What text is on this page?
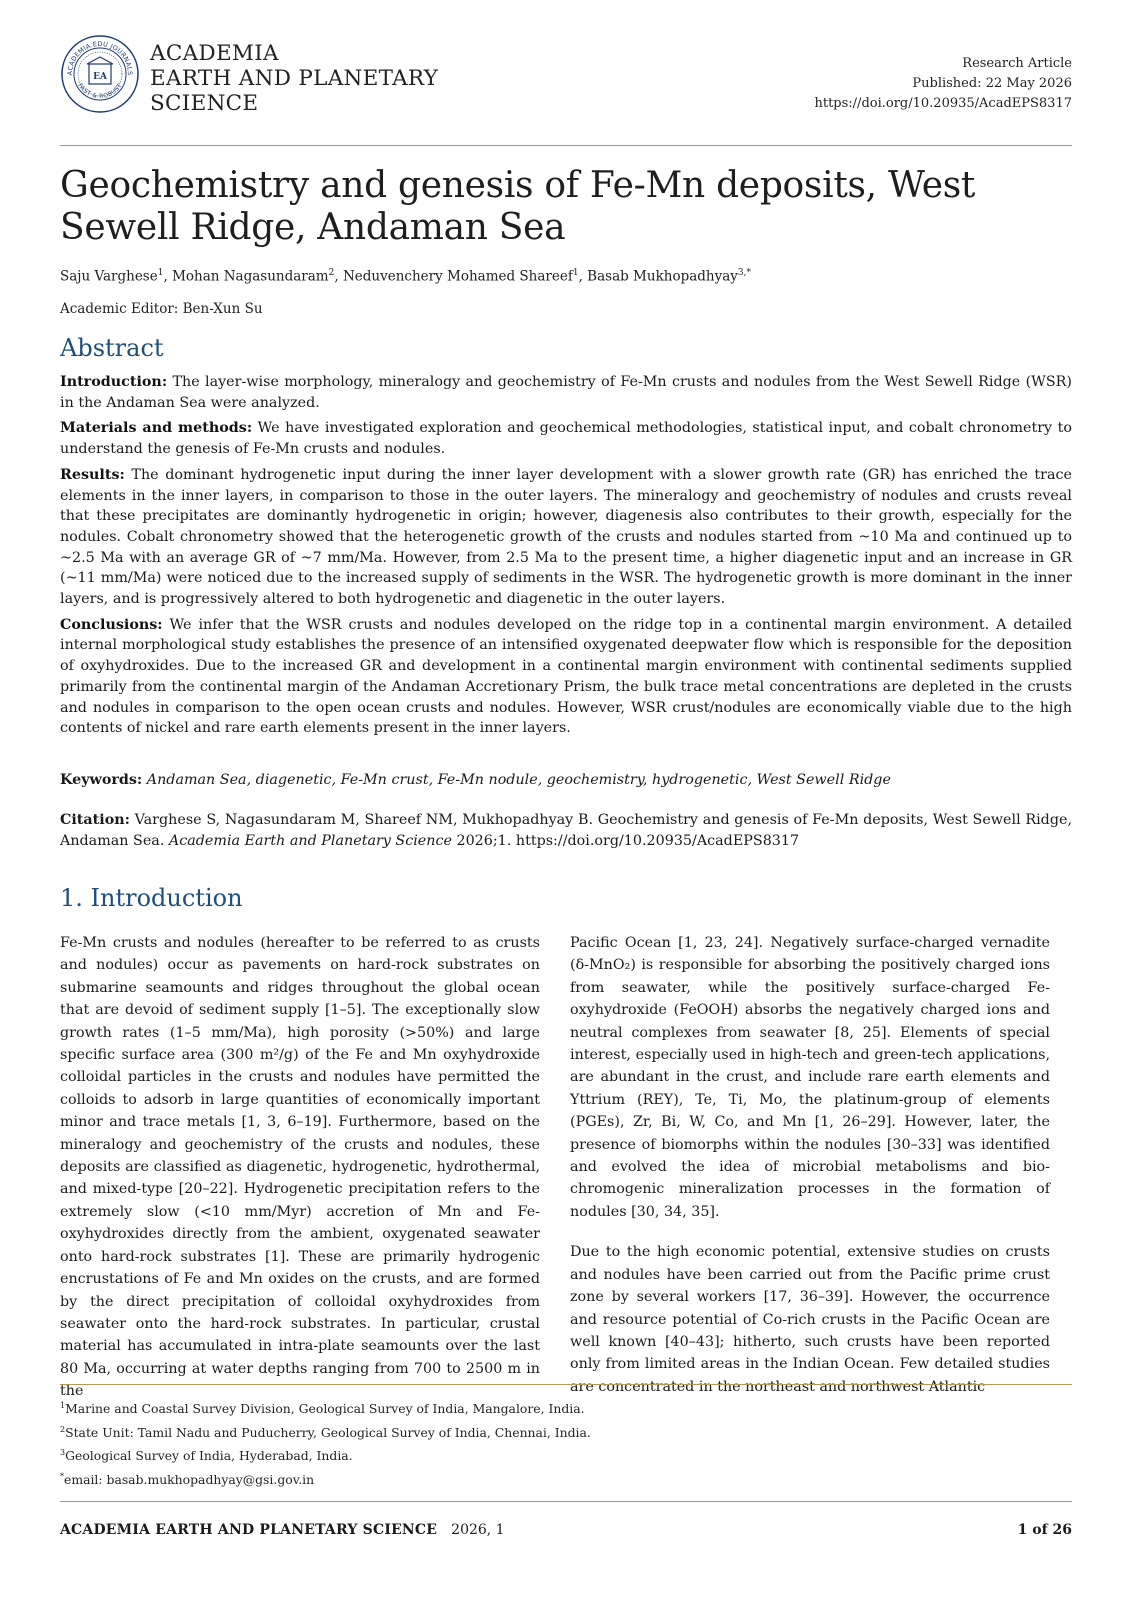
ACADEMIA.EDU JOURNALS
FAST & ROBUST
EA
ACADEMIA
EARTH AND PLANETARY
SCIENCE
Research Article
Published: 22 May 2026
https://doi.org/10.20935/AcadEPS8317
Geochemistry and genesis of Fe-Mn deposits, West Sewell Ridge, Andaman Sea
Saju Varghese$^1$, Mohan Nagasundaram$^2$, Neduvenchery Mohamed Shareef$^1$, Basab Mukhopadhyay$^{3,*}$
Academic Editor: Ben-Xun Su
Abstract

Introduction: The layer-wise morphology, mineralogy and geochemistry of Fe-Mn crusts and nodules from the West Sewell Ridge (WSR) in the Andaman Sea were analyzed.

Materials and methods: We have investigated exploration and geochemical methodologies, statistical input, and cobalt chronometry to understand the genesis of Fe-Mn crusts and nodules.

Results: The dominant hydrogenetic input during the inner layer development with a slower growth rate (GR) has enriched the trace elements in the inner layers, in comparison to those in the outer layers. The mineralogy and geochemistry of nodules and crusts reveal that these precipitates are dominantly hydrogenetic in origin; however, diagenesis also contributes to their growth, especially for the nodules. Cobalt chronometry showed that the heterogenetic growth of the crusts and nodules started from ~10 Ma and continued up to ~2.5 Ma with an average GR of ~7 mm/Ma. However, from 2.5 Ma to the present time, a higher diagenetic input and an increase in GR (~11 mm/Ma) were noticed due to the increased supply of sediments in the WSR. The hydrogenetic growth is more dominant in the inner layers, and is progressively altered to both hydrogenetic and diagenetic in the outer layers.

Conclusions: We infer that the WSR crusts and nodules developed on the ridge top in a continental margin environment. A detailed internal morphological study establishes the presence of an intensified oxygenated deepwater flow which is responsible for the deposition of oxyhydroxides. Due to the increased GR and development in a continental margin environment with continental sediments supplied primarily from the continental margin of the Andaman Accretionary Prism, the bulk trace metal concentrations are depleted in the crusts and nodules in comparison to the open ocean crusts and nodules. However, WSR crust/nodules are economically viable due to the high contents of nickel and rare earth elements present in the inner layers.

Keywords: Andaman Sea, diagenetic, Fe-Mn crust, Fe-Mn nodule, geochemistry, hydrogenetic, West Sewell Ridge
Citation: Varghese S, Nagasundaram M, Shareef NM, Mukhopadhyay B. Geochemistry and genesis of Fe-Mn deposits, West Sewell Ridge, Andaman Sea. Academia Earth and Planetary Science 2026;1. https://doi.org/10.20935/AcadEPS8317
1. Introduction

Fe-Mn crusts and nodules (hereafter to be referred to as crusts and nodules) occur as pavements on hard-rock substrates on submarine seamounts and ridges throughout the global ocean that are devoid of sediment supply [1–5]. The exceptionally slow growth rates (1–5 mm/Ma), high porosity (>50%) and large specific surface area (300 m²/g) of the Fe and Mn oxyhydroxide colloidal particles in the crusts and nodules have permitted the colloids to adsorb in large quantities of economically important minor and trace metals [1, 3, 6–19]. Furthermore, based on the mineralogy and geochemistry of the crusts and nodules, these deposits are classified as diagenetic, hydrogenetic, hydrothermal, and mixed-type [20–22]. Hydrogenetic precipitation refers to the extremely slow (<10 mm/Myr) accretion of Mn and Fe-oxyhydroxides directly from the ambient, oxygenated seawater onto hard-rock substrates [1]. These are primarily hydrogenic encrustations of Fe and Mn oxides on the crusts, and are formed by the direct precipitation of colloidal oxyhydroxides from seawater onto the hard-rock substrates. In particular, crustal material has accumulated in intra-plate seamounts over the last 80 Ma, occurring at water depths ranging from 700 to 2500 m in the

Pacific Ocean [1, 23, 24]. Negatively surface-charged vernadite (δ-MnO₂) is responsible for absorbing the positively charged ions from seawater, while the positively surface-charged Fe-oxyhydroxide (FeOOH) absorbs the negatively charged ions and neutral complexes from seawater [8, 25]. Elements of special interest, especially used in high-tech and green-tech applications, are abundant in the crust, and include rare earth elements and Yttrium (REY), Te, Ti, Mo, the platinum-group of elements (PGEs), Zr, Bi, W, Co, and Mn [1, 26–29]. However, later, the presence of biomorphs within the nodules [30–33] was identified and evolved the idea of microbial metabolisms and bio-chromogenic mineralization processes in the formation of nodules [30, 34, 35].

Due to the high economic potential, extensive studies on crusts and nodules have been carried out from the Pacific prime crust zone by several workers [17, 36–39]. However, the occurrence and resource potential of Co-rich crusts in the Pacific Ocean are well known [40–43]; hitherto, such crusts have been reported only from limited areas in the Indian Ocean. Few detailed studies are concentrated in the northeast and northwest Atlantic

$^1$Marine and Coastal Survey Division, Geological Survey of India, Mangalore, India.
$^2$State Unit: Tamil Nadu and Puducherry, Geological Survey of India, Chennai, India.
$^3$Geological Survey of India, Hyderabad, India.
*email: basab.mukhopadhyay@gsi.gov.in
ACADEMIA EARTH AND PLANETARY SCIENCE 2026, 1	1 of 26
